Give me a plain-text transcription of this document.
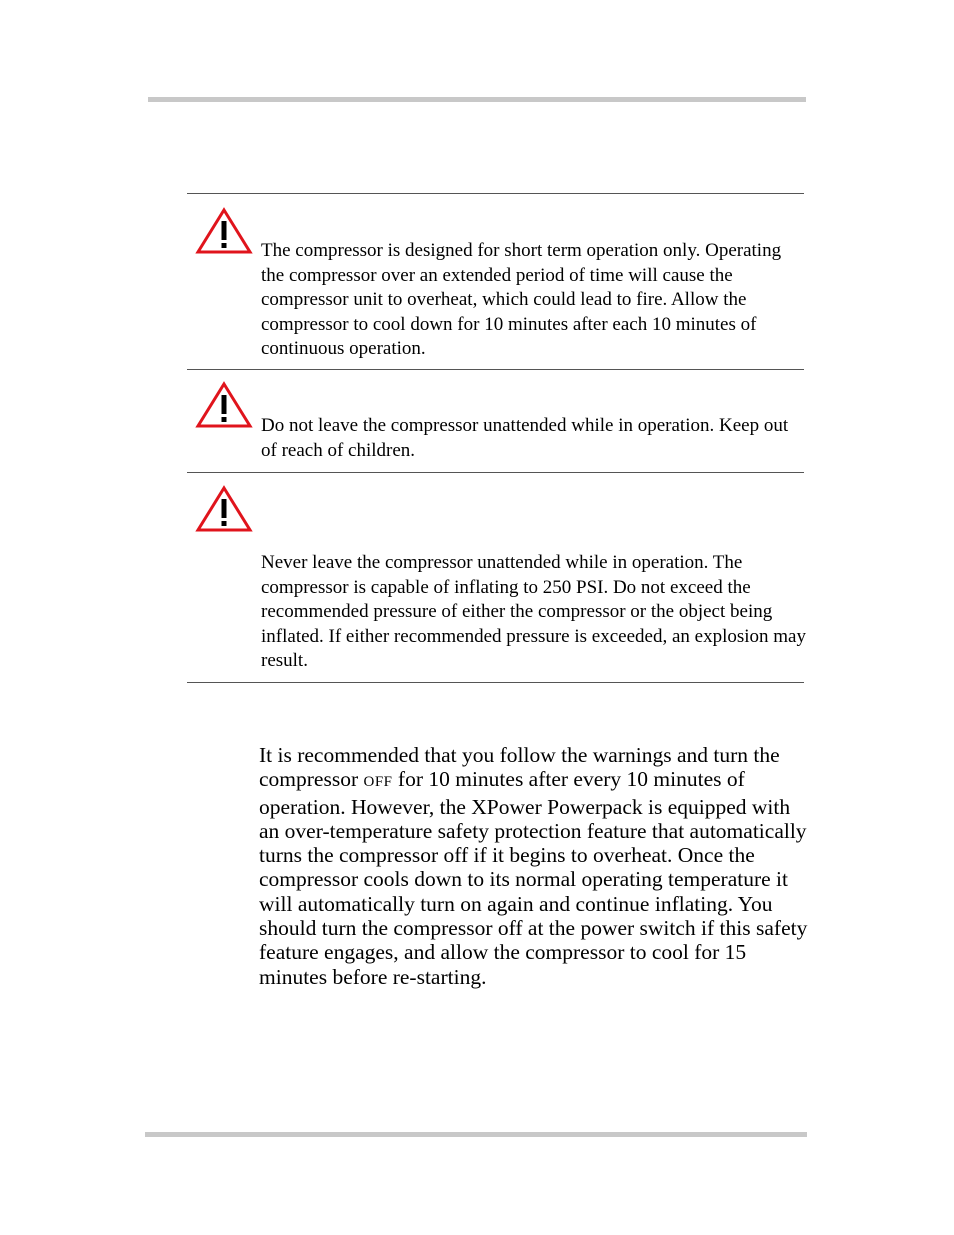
The compressor is designed for short term operation only. Operating the compressor over an extended period of time will cause the compressor unit to overheat, which could lead to fire. Allow the compressor to cool down for 10 minutes after each 10 minutes of continuous operation.
Do not leave the compressor unattended while in operation. Keep out of reach of children.
Never leave the compressor unattended while in operation. The compressor is capable of inflating to 250 PSI. Do not exceed the recommended pressure of either the compressor or the object being inflated. If either recommended pressure is exceeded, an explosion may result.
It is recommended that you follow the warnings and turn the compressor OFF for 10 minutes after every 10 minutes of operation. However, the XPower Powerpack is equipped with an over-temperature safety protection feature that automatically turns the compressor off if it begins to overheat. Once the compressor cools down to its normal operating temperature it will automatically turn on again and continue inflating. You should turn the compressor off at the power switch if this safety feature engages, and allow the compressor to cool for 15 minutes before re-starting.
